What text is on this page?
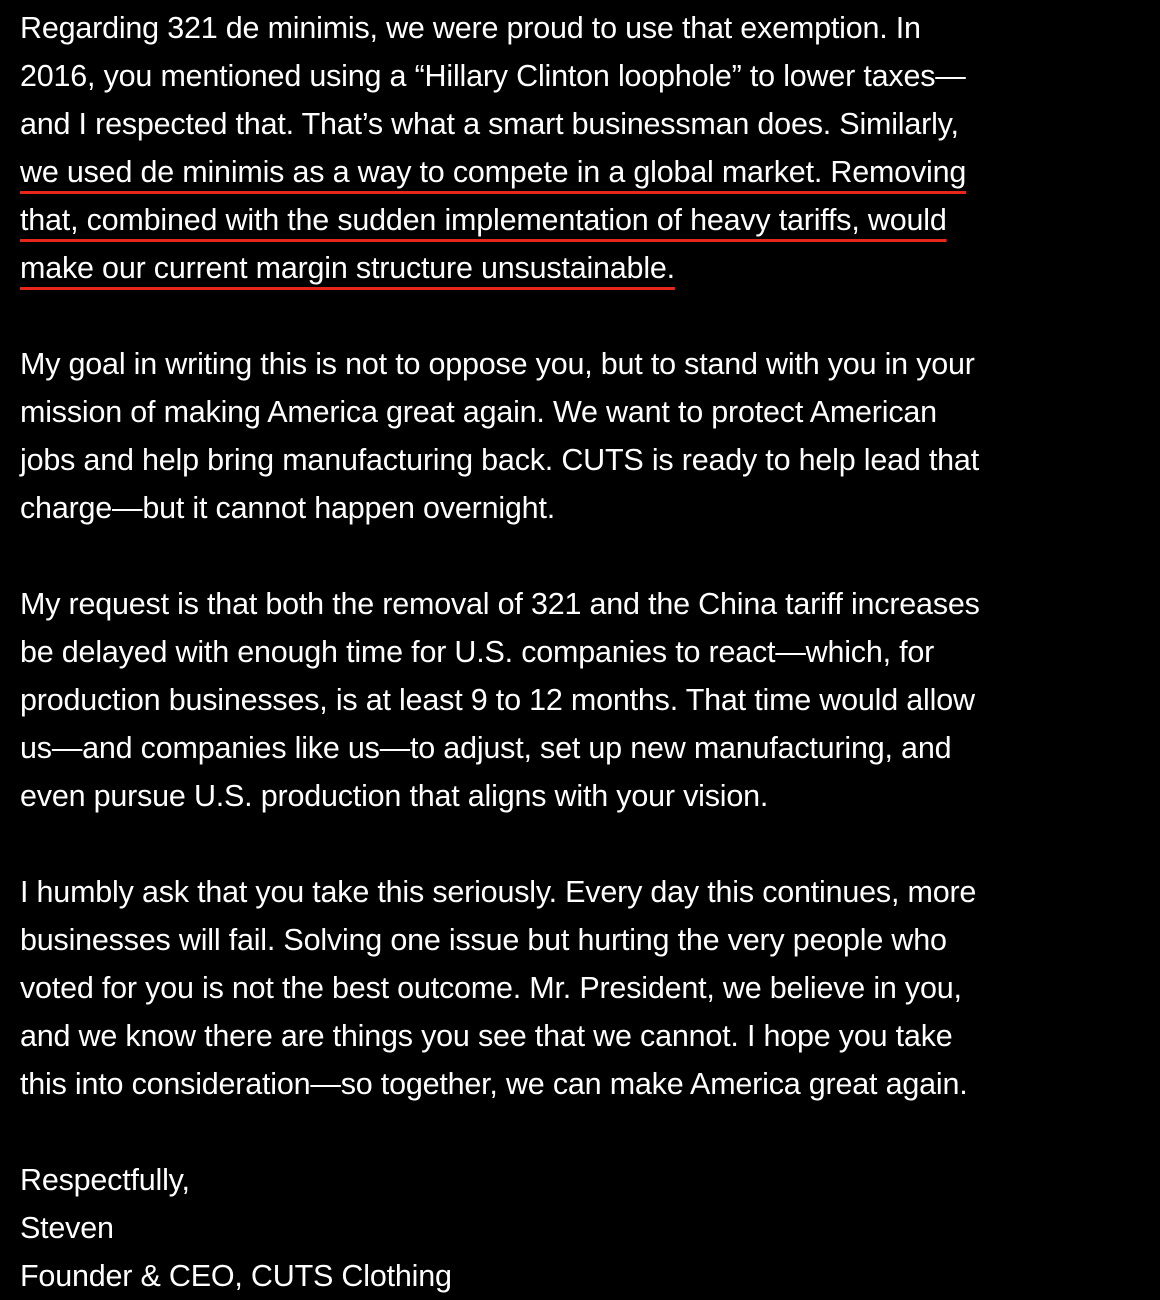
Regarding 321 de minimis, we were proud to use that exemption. In
2016, you mentioned using a “Hillary Clinton loophole” to lower taxes—
and I respected that. That’s what a smart businessman does. Similarly,
we used de minimis as a way to compete in a global market. Removing
that, combined with the sudden implementation of heavy tariffs, would
make our current margin structure unsustainable.

My goal in writing this is not to oppose you, but to stand with you in your
mission of making America great again. We want to protect American
jobs and help bring manufacturing back. CUTS is ready to help lead that
charge—but it cannot happen overnight.

My request is that both the removal of 321 and the China tariff increases
be delayed with enough time for U.S. companies to react—which, for
production businesses, is at least 9 to 12 months. That time would allow
us—and companies like us—to adjust, set up new manufacturing, and
even pursue U.S. production that aligns with your vision.

I humbly ask that you take this seriously. Every day this continues, more
businesses will fail. Solving one issue but hurting the very people who
voted for you is not the best outcome. Mr. President, we believe in you,
and we know there are things you see that we cannot. I hope you take
this into consideration—so together, we can make America great again.

Respectfully,
Steven
Founder & CEO, CUTS Clothing
